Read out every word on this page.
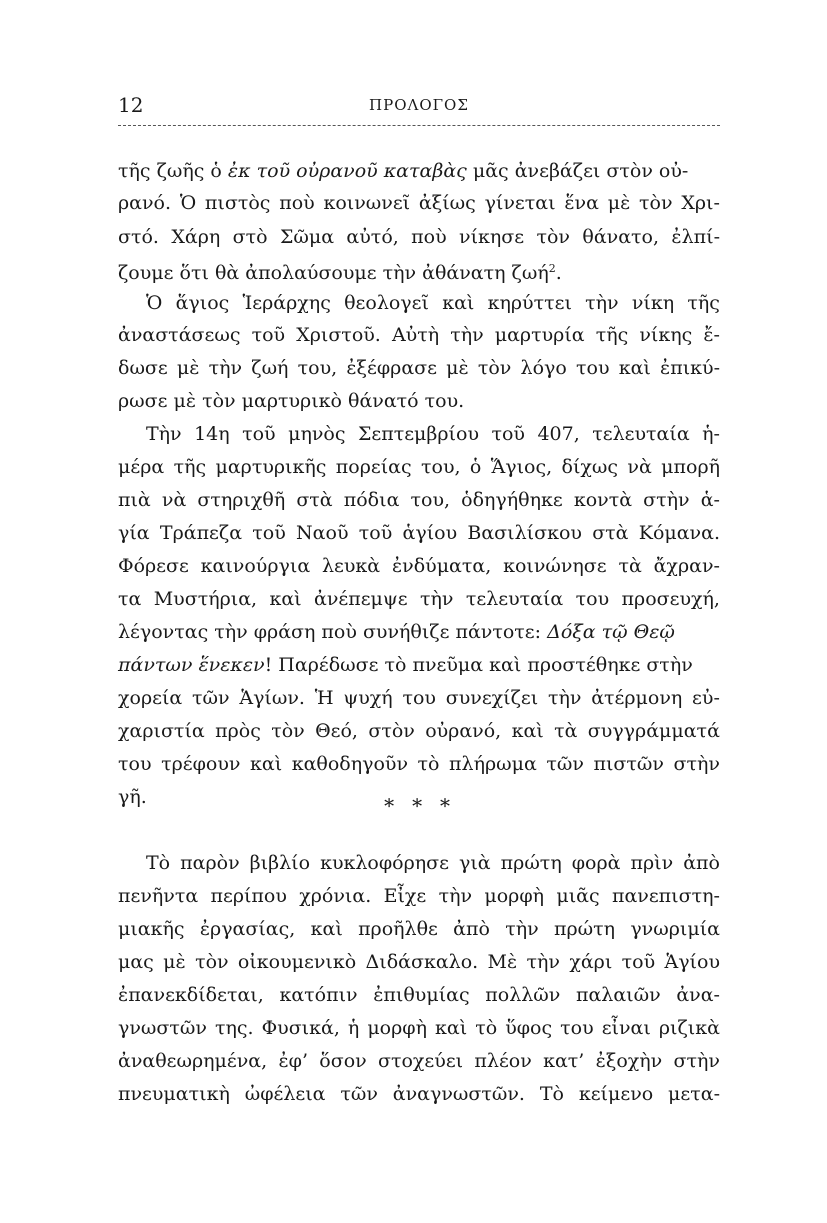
12	ΠΡΟΛΟΓΟΣ
τῆς ζωῆς ὁ ἐκ τοῦ οὐρανοῦ καταβὰς μᾶς ἀνεβάζει στὸν οὐ-
ρανό. Ὁ πιστὸς ποὺ κοινωνεῖ ἀξίως γίνεται ἕνα μὲ τὸν Χρι-
στό. Χάρη στὸ Σῶμα αὐτό, ποὺ νίκησε τὸν θάνατο, ἐλπί-
ζουμε ὅτι θὰ ἀπολαύσουμε τὴν ἀθάνατη ζωή$^2$.
Ὁ ἅγιος Ἱεράρχης θεολογεῖ καὶ κηρύττει τὴν νίκη τῆς
ἀναστάσεως τοῦ Χριστοῦ. Αὐτὴ τὴν μαρτυρία τῆς νίκης ἔ-
δωσε μὲ τὴν ζωή του, ἐξέφρασε μὲ τὸν λόγο του καὶ ἐπικύ-
ρωσε μὲ τὸν μαρτυρικὸ θάνατό του.
Τὴν 14η τοῦ μηνὸς Σεπτεμβρίου τοῦ 407, τελευταία ἡ-
μέρα τῆς μαρτυρικῆς πορείας του, ὁ Ἅγιος, δίχως νὰ μπορῆ
πιὰ νὰ στηριχθῆ στὰ πόδια του, ὁδηγήθηκε κοντὰ στὴν ἁ-
γία Τράπεζα τοῦ Ναοῦ τοῦ ἁγίου Βασιλίσκου στὰ Κόμανα.
Φόρεσε καινούργια λευκὰ ἐνδύματα, κοινώνησε τὰ ἄχραν-
τα Μυστήρια, καὶ ἀνέπεμψε τὴν τελευταία του προσευχή,
λέγοντας τὴν φράση ποὺ συνήθιζε πάντοτε: Δόξα τῷ Θεῷ
πάντων ἕνεκεν! Παρέδωσε τὸ πνεῦμα καὶ προστέθηκε στὴν
χορεία τῶν Ἁγίων. Ἡ ψυχή του συνεχίζει τὴν ἀτέρμονη εὐ-
χαριστία πρὸς τὸν Θεό, στὸν οὐρανό, καὶ τὰ συγγράμματά
του τρέφουν καὶ καθοδηγοῦν τὸ πλήρωμα τῶν πιστῶν στὴν
γῆ.	∗ ∗ ∗
Τὸ παρὸν βιβλίο κυκλοφόρησε γιὰ πρώτη φορὰ πρὶν ἀπὸ
πενῆντα περίπου χρόνια. Εἶχε τὴν μορφὴ μιᾶς πανεπιστη-
μιακῆς ἐργασίας, καὶ προῆλθε ἀπὸ τὴν πρώτη γνωριμία
μας μὲ τὸν οἰκουμενικὸ Διδάσκαλο. Μὲ τὴν χάρι τοῦ Ἁγίου
ἐπανεκδίδεται, κατόπιν ἐπιθυμίας πολλῶν παλαιῶν ἀνα-
γνωστῶν της. Φυσικά, ἡ μορφὴ καὶ τὸ ὕφος του εἶναι ριζικὰ
ἀναθεωρημένα, ἐφ’ ὅσον στοχεύει πλέον κατ’ ἐξοχὴν στὴν
πνευματικὴ ὠφέλεια τῶν ἀναγνωστῶν. Τὸ κείμενο μετα-
